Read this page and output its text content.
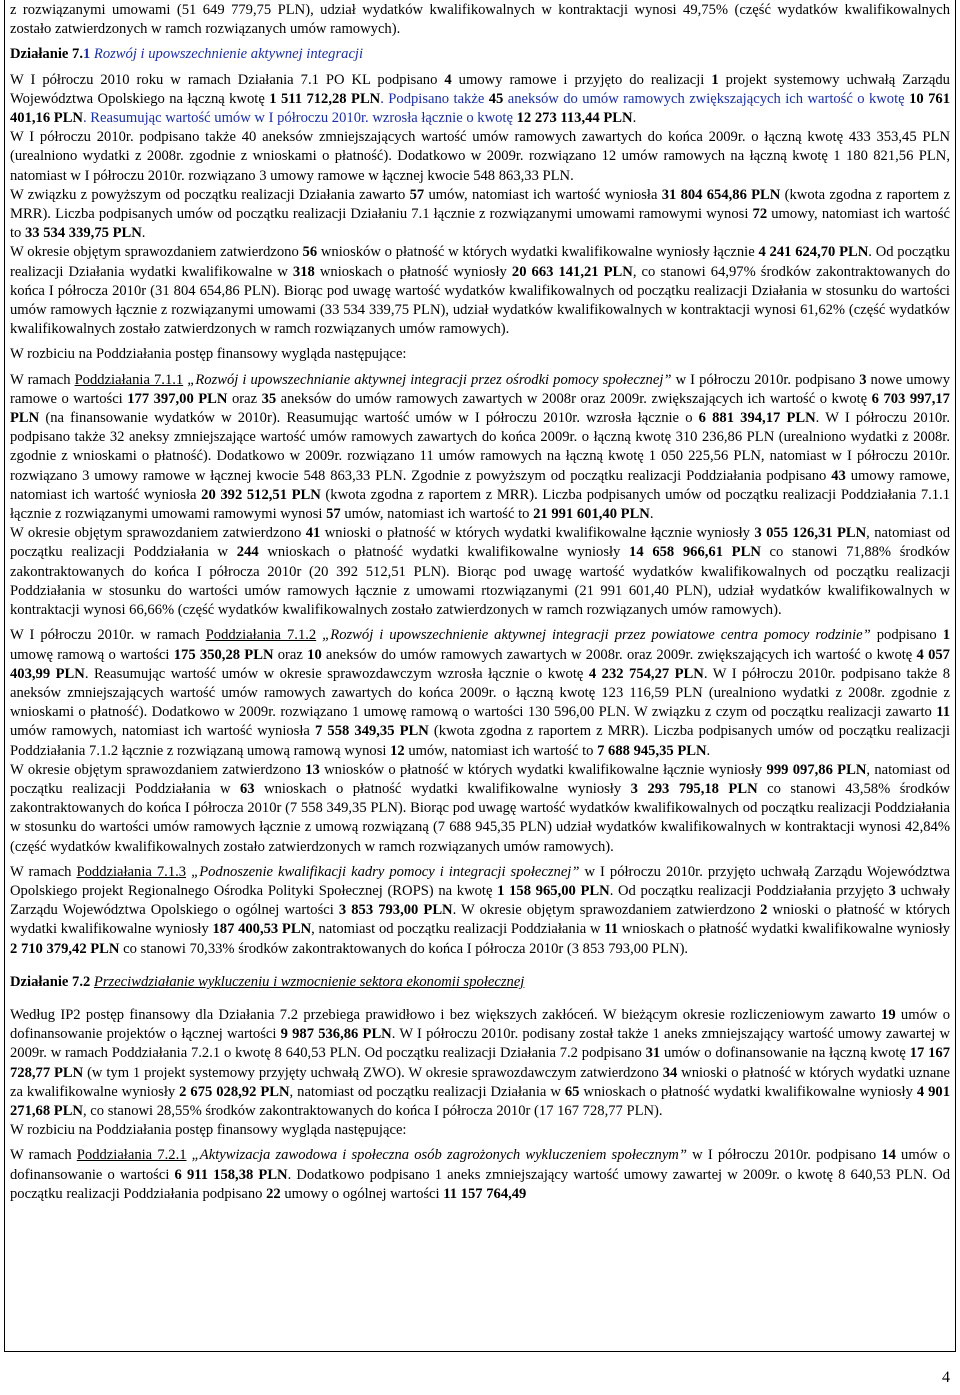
z rozwiązanymi umowami (51 649 779,75 PLN), udział wydatków kwalifikowalnych w kontraktacji wynosi 49,75% (część wydatków kwalifikowalnych zostało zatwierdzonych w ramch rozwiązanych umów ramowych).

Działanie 7.1 Rozwój i upowszechnienie aktywnej integracji

W I półroczu 2010 roku w ramach Działania 7.1 PO KL podpisano 4 umowy ramowe i przyjęto do realizacji 1 projekt systemowy uchwałą Zarządu Województwa Opolskiego na łączną kwotę 1 511 712,28 PLN. Podpisano także 45 aneksów do umów ramowych zwiększających ich wartość o kwotę 10 761 401,16 PLN. Reasumując wartość umów w I półroczu 2010r. wzrosła łącznie o kwotę 12 273 113,44 PLN.
W I półroczu 2010r. podpisano także 40 aneksów zmniejszających wartość umów ramowych zawartych do końca 2009r. o łączną kwotę 433 353,45 PLN (urealniono wydatki z 2008r. zgodnie z wnioskami o płatność). Dodatkowo w 2009r. rozwiązano 12 umów ramowych na łączną kwotę 1 180 821,56 PLN, natomiast w I półroczu 2010r. rozwiązano 3 umowy ramowe w łącznej kwocie 548 863,33 PLN.
W związku z powyższym od początku realizacji Działania zawarto 57 umów, natomiast ich wartość wyniosła 31 804 654,86 PLN (kwota zgodna z raportem z MRR). Liczba podpisanych umów od początku realizacji Działaniu 7.1 łącznie z rozwiązanymi umowami ramowymi wynosi 72 umowy, natomiast ich wartość to 33 534 339,75 PLN.

W okresie objętym sprawozdaniem zatwierdzono 56 wniosków o płatność w których wydatki kwalifikowalne wyniosły łącznie 4 241 624,70 PLN. Od początku realizacji Działania wydatki kwalifikowalne w 318 wnioskach o płatność wyniosły 20 663 141,21 PLN, co stanowi 64,97% środków zakontraktowanych do końca I półrocza 2010r (31 804 654,86 PLN). Biorąc pod uwagę wartość wydatków kwalifikowalnych od początku realizacji Działania w stosunku do wartości umów ramowych łącznie z rozwiązanymi umowami (33 534 339,75 PLN), udział wydatków kwalifikowalnych w kontraktacji wynosi 61,62% (część wydatków kwalifikowalnych zostało zatwierdzonych w ramch rozwiązanych umów ramowych).

W rozbiciu na Poddziałania postęp finansowy wygląda następujące:

W ramach Poddziałania 7.1.1 „Rozwój i upowszechnianie aktywnej integracji przez ośrodki pomocy społecznej” w I półroczu 2010r. podpisano 3 nowe umowy ramowe o wartości 177 397,00 PLN oraz 35 aneksów do umów ramowych zawartych w 2008r oraz 2009r. zwiększających ich wartość o kwotę 6 703 997,17 PLN (na finansowanie wydatków w 2010r). Reasumując wartość umów w I półroczu 2010r. wzrosła łącznie o 6 881 394,17 PLN. W I półroczu 2010r. podpisano także 32 aneksy zmniejszające wartość umów ramowych zawartych do końca 2009r. o łączną kwotę 310 236,86 PLN (urealniono wydatki z 2008r. zgodnie z wnioskami o płatność). Dodatkowo w 2009r. rozwiązano 11 umów ramowych na łączną kwotę 1 050 225,56 PLN, natomiast w I półroczu 2010r. rozwiązano 3 umowy ramowe w łącznej kwocie 548 863,33 PLN. Zgodnie z powyższym od początku realizacji Poddziałania podpisano 43 umowy ramowe, natomiast ich wartość wyniosła 20 392 512,51 PLN (kwota zgodna z raportem z MRR). Liczba podpisanych umów od początku realizacji Poddziałania 7.1.1 łącznie z rozwiązanymi umowami ramowymi wynosi 57 umów, natomiast ich wartość to 21 991 601,40 PLN.

W okresie objętym sprawozdaniem zatwierdzono 41 wnioski o płatność w których wydatki kwalifikowalne łącznie wyniosły 3 055 126,31 PLN, natomiast od początku realizacji Poddziałania w 244 wnioskach o płatność wydatki kwalifikowalne wyniosły 14 658 966,61 PLN co stanowi 71,88% środków zakontraktowanych do końca I półrocza 2010r (20 392 512,51 PLN). Biorąc pod uwagę wartość wydatków kwalifikowalnych od początku realizacji Poddziałania w stosunku do wartości umów ramowych łącznie z umowami rtozwiązanymi (21 991 601,40 PLN), udział wydatków kwalifikowalnych w kontraktacji wynosi 66,66% (część wydatków kwalifikowalnych zostało zatwierdzonych w ramch rozwiązanych umów ramowych).

W I półroczu 2010r. w ramach Poddziałania 7.1.2 „Rozwój i upowszechnienie aktywnej integracji przez powiatowe centra pomocy rodzinie” podpisano 1 umowę ramową o wartości 175 350,28 PLN oraz 10 aneksów do umów ramowych zawartych w 2008r. oraz 2009r. zwiększających ich wartość o kwotę 4 057 403,99 PLN. Reasumując wartość umów w okresie sprawozdawczym wzrosła łącznie o kwotę 4 232 754,27 PLN. W I półroczu 2010r. podpisano także 8 aneksów zmniejszających wartość umów ramowych zawartych do końca 2009r. o łączną kwotę 123 116,59 PLN (urealniono wydatki z 2008r. zgodnie z wnioskami o płatność). Dodatkowo w 2009r. rozwiązano 1 umowę ramową o wartości 130 596,00 PLN. W związku z czym od początku realizacji zawarto 11 umów ramowych, natomiast ich wartość wyniosła 7 558 349,35 PLN (kwota zgodna z raportem z MRR). Liczba podpisanych umów od początku realizacji Poddziałania 7.1.2 łącznie z rozwiązaną umową ramową wynosi 12 umów, natomiast ich wartość to 7 688 945,35 PLN.

W okresie objętym sprawozdaniem zatwierdzono 13 wniosków o płatność w których wydatki kwalifikowalne łącznie wyniosły 999 097,86 PLN, natomiast od początku realizacji Poddziałania w 63 wnioskach o płatność wydatki kwalifikowalne wyniosły 3 293 795,18 PLN co stanowi 43,58% środków zakontraktowanych do końca I półrocza 2010r (7 558 349,35 PLN). Biorąc pod uwagę wartość wydatków kwalifikowalnych od początku realizacji Poddziałania w stosunku do wartości umów ramowych łącznie z umową rozwiązaną (7 688 945,35 PLN) udział wydatków kwalifikowalnych w kontraktacji wynosi 42,84% (część wydatków kwalifikowalnych zostało zatwierdzonych w ramch rozwiązanych umów ramowych).

W ramach Poddziałania 7.1.3 „Podnoszenie kwalifikacji kadry pomocy i integracji społecznej” w I półroczu 2010r. przyjęto uchwałą Zarządu Województwa Opolskiego projekt Regionalnego Ośrodka Polityki Społecznej (ROPS) na kwotę 1 158 965,00 PLN. Od początku realizacji Poddziałania przyjęto 3 uchwały Zarządu Województwa Opolskiego o ogólnej wartości 3 853 793,00 PLN. W okresie objętym sprawozdaniem zatwierdzono 2 wnioski o płatność w których wydatki kwalifikowalne wyniosły 187 400,53 PLN, natomiast od początku realizacji Poddziałania w 11 wnioskach o płatność wydatki kwalifikowalne wyniosły 2 710 379,42 PLN co stanowi 70,33% środków zakontraktowanych do końca I półrocza 2010r (3 853 793,00 PLN).

Działanie 7.2 Przeciwdziałanie wykluczeniu i wzmocnienie sektora ekonomii społecznej

Według IP2 postęp finansowy dla Działania 7.2 przebiega prawidłowo i bez większych zakłóceń. W bieżącym okresie rozliczeniowym zawarto 19 umów o dofinansowanie projektów o łącznej wartości 9 987 536,86 PLN. W I półroczu 2010r. podisany został także 1 aneks zmniejszający wartość umowy zawartej w 2009r. w ramach Poddziałania 7.2.1 o kwotę 8 640,53 PLN. Od początku realizacji Działania 7.2 podpisano 31 umów o dofinansowanie na łączną kwotę 17 167 728,77 PLN (w tym 1 projekt systemowy przyjęty uchwałą ZWO). W okresie sprawozdawczym zatwierdzono 34 wnioski o płatność w których wydatki uznane za kwalifikowalne wyniosły 2 675 028,92 PLN, natomiast od początku realizacji Działania w 65 wnioskach o płatność wydatki kwalifikowalne wyniosły 4 901 271,68 PLN, co stanowi 28,55% środków zakontraktowanych do końca I półrocza 2010r (17 167 728,77 PLN).

W rozbiciu na Poddziałania postęp finansowy wygląda następujące:

W ramach Poddziałania 7.2.1 „Aktywizacja zawodowa i społeczna osób zagrożonych wykluczeniem społecznym” w I półroczu 2010r. podpisano 14 umów o dofinansowanie o wartości 6 911 158,38 PLN. Dodatkowo podpisano 1 aneks zmniejszający wartość umowy zawartej w 2009r. o kwotę 8 640,53 PLN. Od początku realizacji Poddziałania podpisano 22 umowy o ogólnej wartości 11 157 764,49

4
